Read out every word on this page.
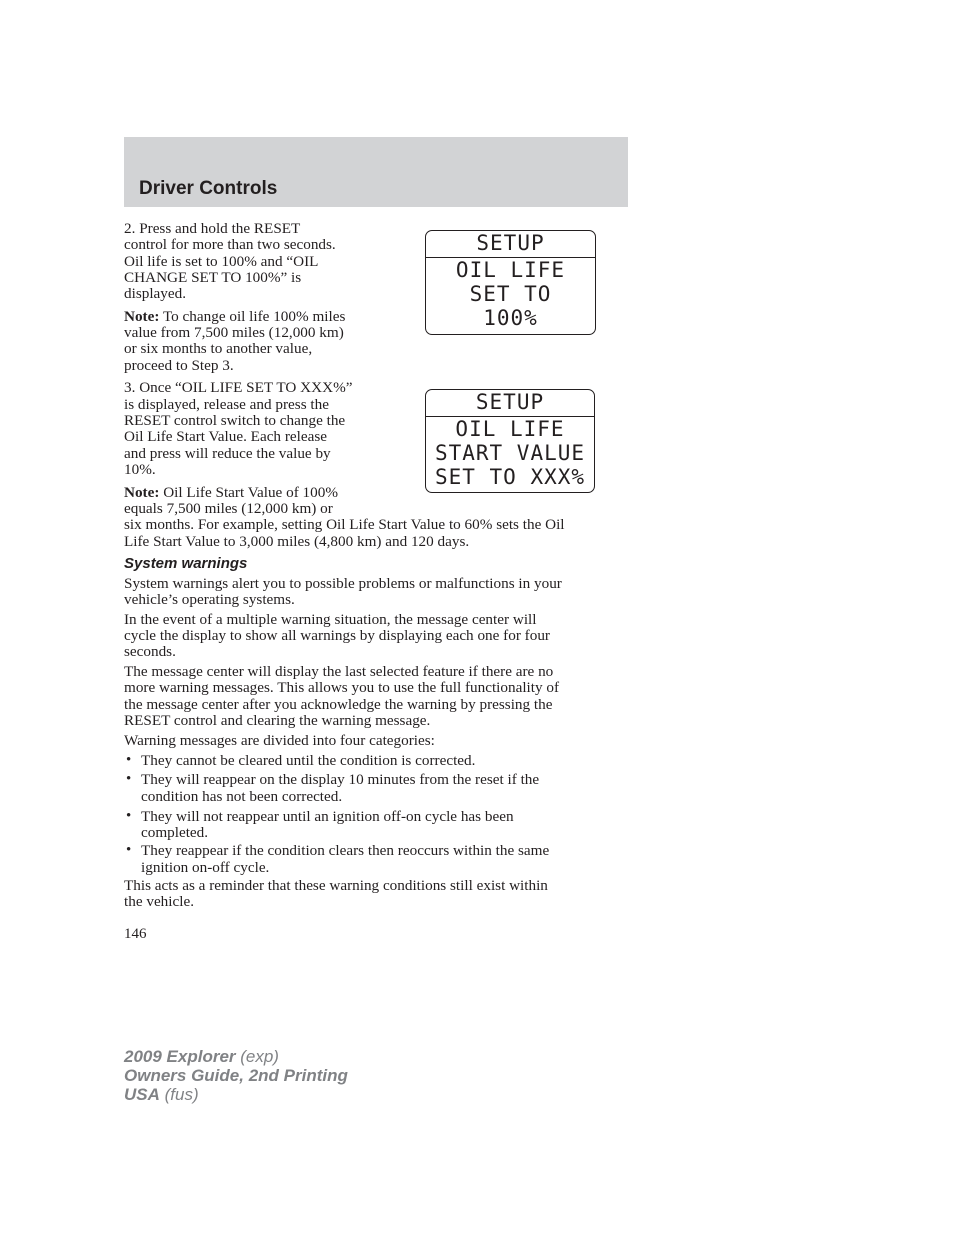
Driver Controls

2. Press and hold the RESET

control for more than two seconds.

Oil life is set to 100% and “OIL

CHANGE SET TO 100%” is

displayed.

Note: To change oil life 100% miles

value from 7,500 miles (12,000 km)

or six months to another value,

proceed to Step 3.

3. Once “OIL LIFE SET TO XXX%”

is displayed, release and press the

RESET control switch to change the

Oil Life Start Value. Each release

and press will reduce the value by

10%.

Note: Oil Life Start Value of 100%

equals 7,500 miles (12,000 km) or

six months. For example, setting Oil Life Start Value to 60% sets the Oil

Life Start Value to 3,000 miles (4,800 km) and 120 days.

SETUP
OIL LIFE
SET TO
100%
SETUP
OIL LIFE
START VALUE
SET TO XXX%
System warnings

System warnings alert you to possible problems or malfunctions in your

vehicle’s operating systems.

In the event of a multiple warning situation, the message center will

cycle the display to show all warnings by displaying each one for four

seconds.

The message center will display the last selected feature if there are no

more warning messages. This allows you to use the full functionality of

the message center after you acknowledge the warning by pressing the

RESET control and clearing the warning message.

Warning messages are divided into four categories:

• They cannot be cleared until the condition is corrected.

• They will reappear on the display 10 minutes from the reset if the

condition has not been corrected.

• They will not reappear until an ignition off-on cycle has been

completed.

• They reappear if the condition clears then reoccurs within the same

ignition on-off cycle.

This acts as a reminder that these warning conditions still exist within

the vehicle.

146
2009 Explorer (exp)
Owners Guide, 2nd Printing
USA (fus)
